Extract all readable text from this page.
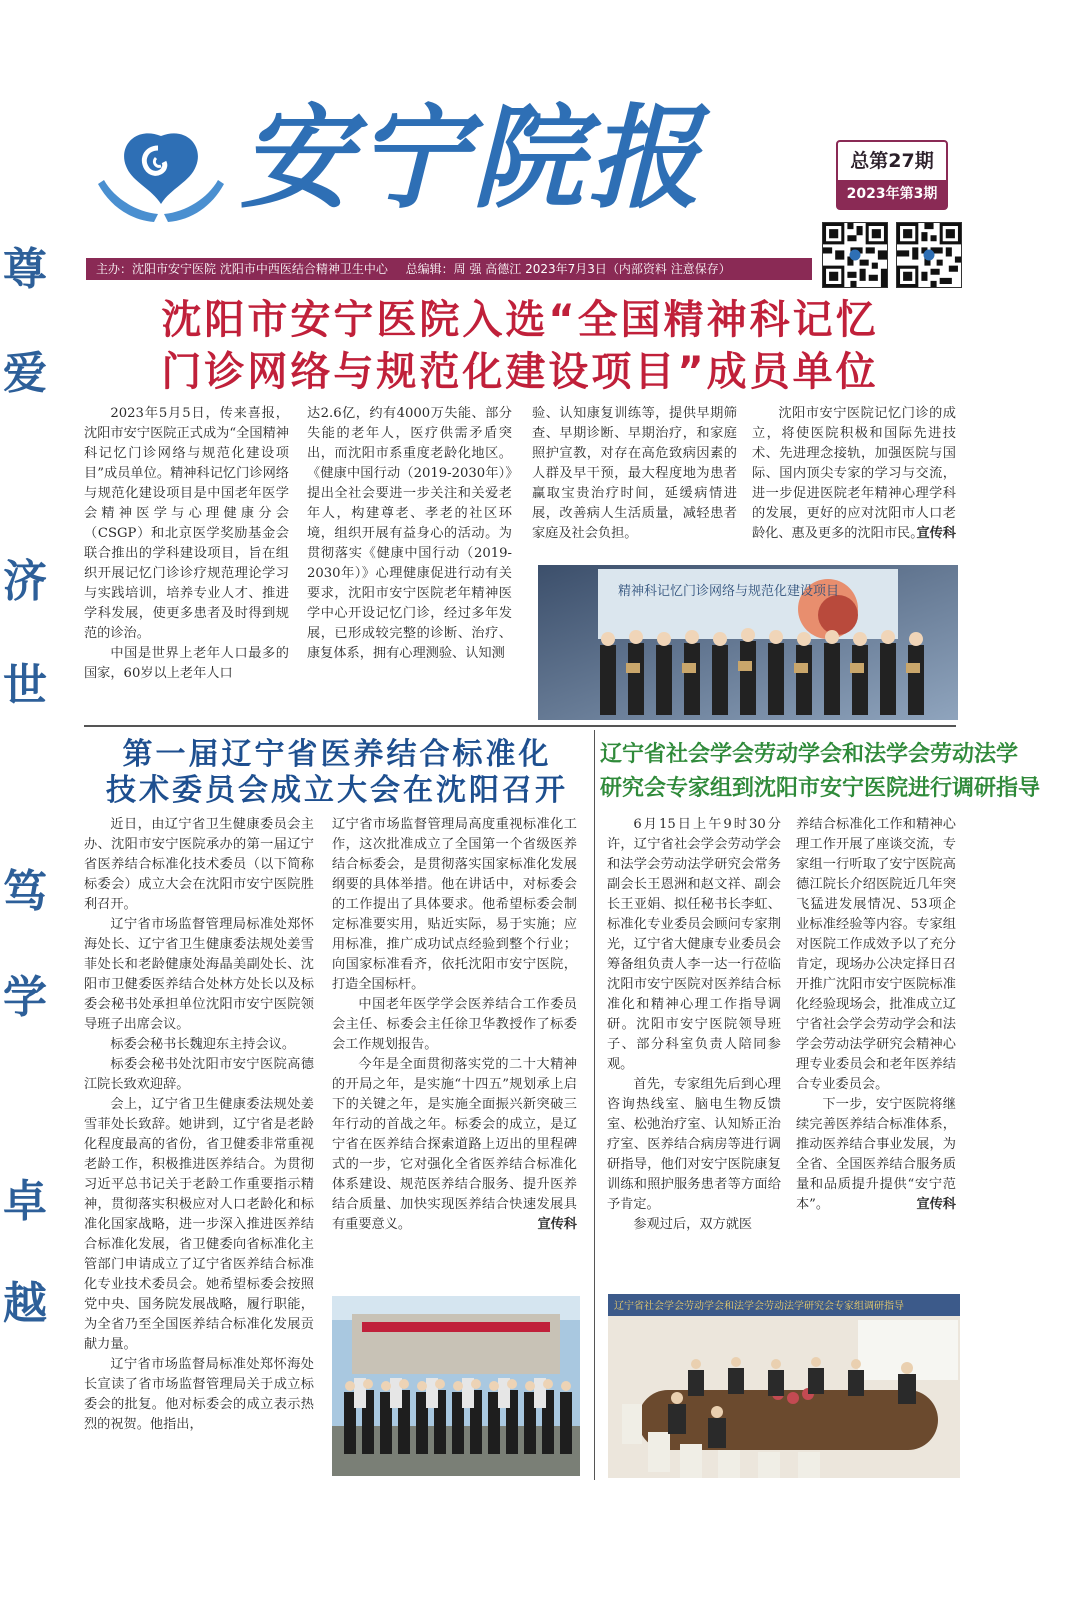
尊
爱
济
世
笃
学
卓
越
安宁院报	总第27期
2023年第3期
主办：沈阳市安宁医院 沈阳市中西医结合精神卫生中心 总编辑：周 强 高德江 2023年7月3日（内部资料 注意保存）
沈阳市安宁医院入选“全国精神科记忆
门诊网络与规范化建设项目”成员单位

2023年5月5日，传来喜报，沈阳市安宁医院正式成为“全国精神科记忆门诊网络与规范化建设项目”成员单位。精神科记忆门诊网络与规范化建设项目是中国老年医学会精神医学与心理健康分会（CSGP）和北京医学奖励基金会联合推出的学科建设项目，旨在组织开展记忆门诊诊疗规范理论学习与实践培训，培养专业人才、推进学科发展，使更多患者及时得到规范的诊治。

中国是世界上老年人口最多的国家，60岁以上老年人口

达2.6亿，约有4000万失能、部分失能的老年人，医疗供需矛盾突出，而沈阳市系重度老龄化地区。《健康中国行动（2019-2030年）》提出全社会要进一步关注和关爱老年人，构建尊老、孝老的社区环境，组织开展有益身心的活动。为贯彻落实《健康中国行动（2019-2030年）》心理健康促进行动有关要求，沈阳市安宁医院老年精神医学中心开设记忆门诊，经过多年发展，已形成较完整的诊断、治疗、康复体系，拥有心理测验、认知测

验、认知康复训练等，提供早期筛查、早期诊断、早期治疗，和家庭照护宣教，对存在高危致病因素的人群及早干预，最大程度地为患者赢取宝贵治疗时间，延缓病情进展，改善病人生活质量，减轻患者家庭及社会负担。

沈阳市安宁医院记忆门诊的成立，将使医院积极和国际先进技术、先进理念接轨，加强医院与国际、国内顶尖专家的学习与交流，进一步促进医院老年精神心理学科的发展，更好的应对沈阳市人口老龄化、惠及更多的沈阳市民。

宣传科
精神科记忆门诊网络与规范化建设项目
第一届辽宁省医养结合标准化
技术委员会成立大会在沈阳召开

近日，由辽宁省卫生健康委员会主办、沈阳市安宁医院承办的第一届辽宁省医养结合标准化技术委员（以下简称标委会）成立大会在沈阳市安宁医院胜利召开。

辽宁省市场监督管理局标准处郑怀海处长、辽宁省卫生健康委法规处姜雪菲处长和老龄健康处海晶美副处长、沈阳市卫健委医养结合处林方处长以及标委会秘书处承担单位沈阳市安宁医院领导班子出席会议。

标委会秘书长魏迎东主持会议。

标委会秘书处沈阳市安宁医院高德江院长致欢迎辞。

会上，辽宁省卫生健康委法规处姜雪菲处长致辞。她讲到，辽宁省是老龄化程度最高的省份，省卫健委非常重视老龄工作，积极推进医养结合。为贯彻习近平总书记关于老龄工作重要指示精神，贯彻落实积极应对人口老龄化和标准化国家战略，进一步深入推进医养结合标准化发展，省卫健委向省标准化主管部门申请成立了辽宁省医养结合标准化专业技术委员会。她希望标委会按照党中央、国务院发展战略，履行职能，为全省乃至全国医养结合标准化发展贡献力量。

辽宁省市场监督局标准处郑怀海处长宣读了省市场监督管理局关于成立标委会的批复。他对标委会的成立表示热烈的祝贺。他指出，

辽宁省市场监督管理局高度重视标准化工作，这次批准成立了全国第一个省级医养结合标委会，是贯彻落实国家标准化发展纲要的具体举措。他在讲话中，对标委会的工作提出了具体要求。他希望标委会制定标准要实用，贴近实际，易于实施；应用标准，推广成功试点经验到整个行业；向国家标准看齐，依托沈阳市安宁医院，打造全国标杆。

中国老年医学学会医养结合工作委员会主任、标委会主任徐卫华教授作了标委会工作规划报告。

今年是全面贯彻落实党的二十大精神的开局之年，是实施“十四五”规划承上启下的关键之年，是实施全面振兴新突破三年行动的首战之年。标委会的成立，是辽宁省在医养结合探索道路上迈出的里程碑式的一步，它对强化全省医养结合标准化体系建设、规范医养结合服务、提升医养结合质量、加快实现医养结合快速发展具有重要意义。	宣传科
辽宁省社会学会劳动学会和法学会劳动法学
研究会专家组到沈阳市安宁医院进行调研指导

6月15日上午9时30分许，辽宁省社会学会劳动学会和法学会劳动法学研究会常务副会长王恩洲和赵文祥、副会长王亚娟、拟任秘书长李虹、标准化专业委员会顾问专家荆光，辽宁省大健康专业委员会筹备组负责人李一达一行莅临沈阳市安宁医院对医养结合标准化和精神心理工作指导调研。沈阳市安宁医院领导班子、部分科室负责人陪同参观。

首先，专家组先后到心理咨询热线室、脑电生物反馈室、松弛治疗室、认知矫正治疗室、医养结合病房等进行调研指导，他们对安宁医院康复训练和照护服务患者等方面给予肯定。

参观过后，双方就医

养结合标准化工作和精神心理工作开展了座谈交流，专家组一行听取了安宁医院高德江院长介绍医院近几年突飞猛进发展情况、53项企业标准经验等内容。专家组对医院工作成效予以了充分肯定，现场办公决定择日召开推广沈阳市安宁医院标准化经验现场会，批准成立辽宁省社会学会劳动学会和法学会劳动法学研究会精神心理专业委员会和老年医养结合专业委员会。

下一步，安宁医院将继续完善医养结合标准体系，推动医养结合事业发展，为全省、全国医养结合服务质量和品质提升提供“安宁范本”。	宣传科
辽宁省社会学会劳动学会和法学会劳动法学研究会专家组调研指导
